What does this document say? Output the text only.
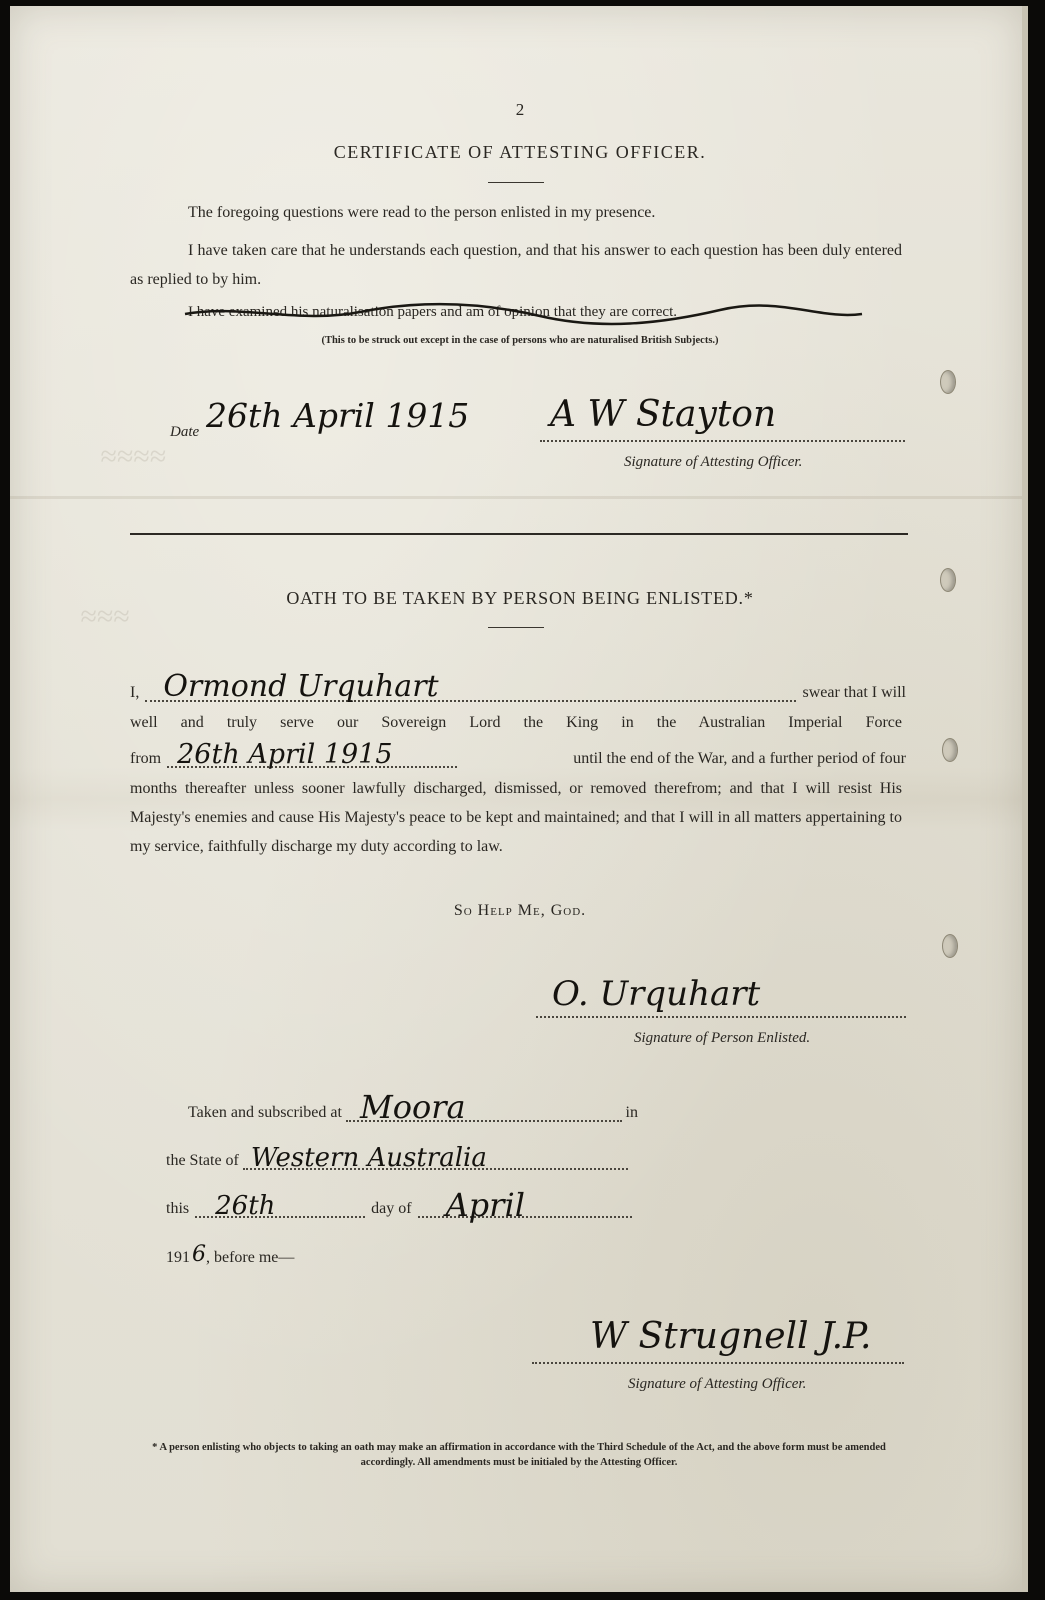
≈≈≈≈
≈≈≈
2
CERTIFICATE OF ATTESTING OFFICER.
The foregoing questions were read to the person enlisted in my presence.
I have taken care that he understands each question, and that his answer to each question has been duly entered as replied to by him.
I have examined his naturalisation papers and am of opinion that they are correct.
(This to be struck out except in the case of persons who are naturalised British Subjects.)
Date 26th April 1915 A W Stayton
Signature of Attesting Officer.
OATH TO BE TAKEN BY PERSON BEING ENLISTED.*
I, Ormond Urquhart	swear that I will
well and truly serve our Sovereign Lord the King in the Australian Imperial Force
from 26th April 1915	until the end of the War, and a further period of four
months thereafter unless sooner lawfully discharged, dismissed, or removed therefrom; and that I will resist His Majesty's enemies and cause His Majesty's peace to be kept and maintained; and that I will in all matters appertaining to my service, faithfully discharge my duty according to law.
So Help Me, God.
O. Urquhart
Signature of Person Enlisted.
Taken and subscribed at Moora	in
the State of Western Australia
this 26th	day of April
191 6 , before me—
W Strugnell J.P.
Signature of Attesting Officer.
* A person enlisting who objects to taking an oath may make an affirmation in accordance with the Third Schedule of the Act, and the above form must be amended accordingly. All amendments must be initialed by the Attesting Officer.
